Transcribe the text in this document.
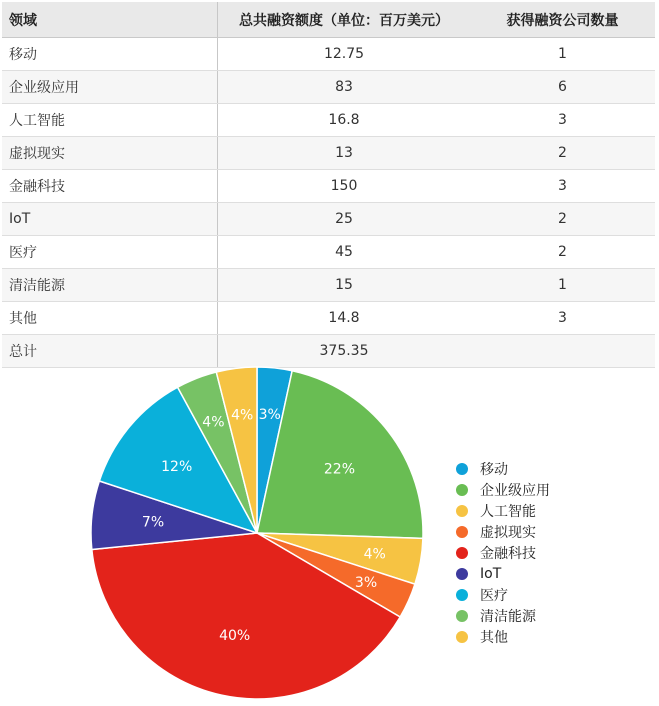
领域	总共融资额度（单位：百万美元）	获得融资公司数量
移动	12.75	1
企业级应用	83	6
人工智能	16.8	3
虚拟现实	13	2
金融科技	150	3
IoT	25	2
医疗	45	2
清洁能源	15	1
其他	14.8	3
总计	375.35	
3%
22%
4%
3%
40%
7%
12%
4% 4%
移动
企业级应用
人工智能
虚拟现实
金融科技
IoT
医疗
清洁能源
其他
